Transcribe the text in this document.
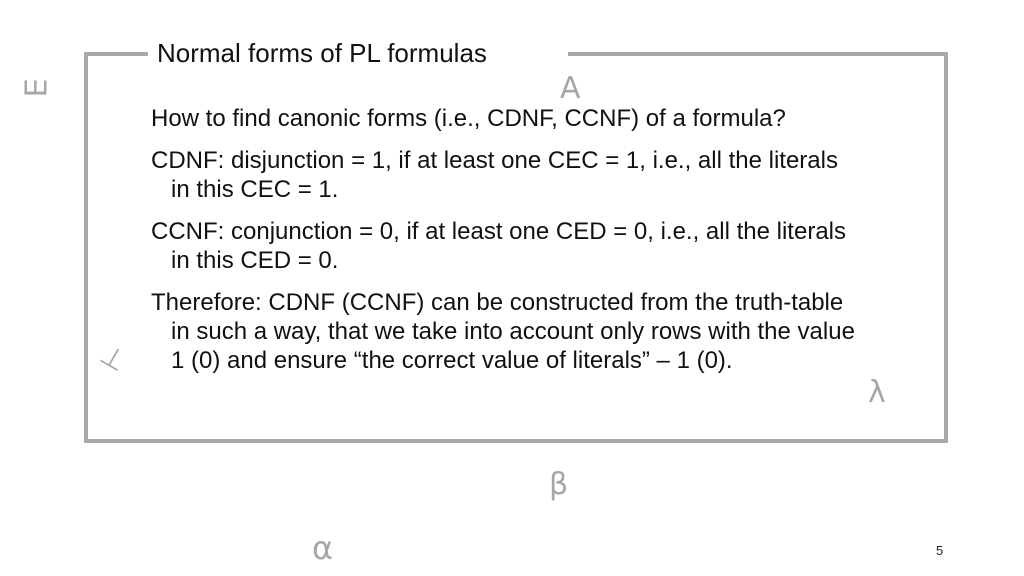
Normal forms of PL formulas

How to find canonic forms (i.e., CDNF, CCNF) of a formula?

CDNF: disjunction = 1, if at least one CEC = 1, i.e., all the literals in this CEC = 1.

CCNF: conjunction = 0, if at least one CED = 0, i.e., all the literals in this CED = 0.

Therefore: CDNF (CCNF) can be constructed from the truth-table in such a way, that we take into account only rows with the value 1 (0) and ensure “the correct value of literals” – 1 (0).

∃	∀
⊢
λ
β
α	5
